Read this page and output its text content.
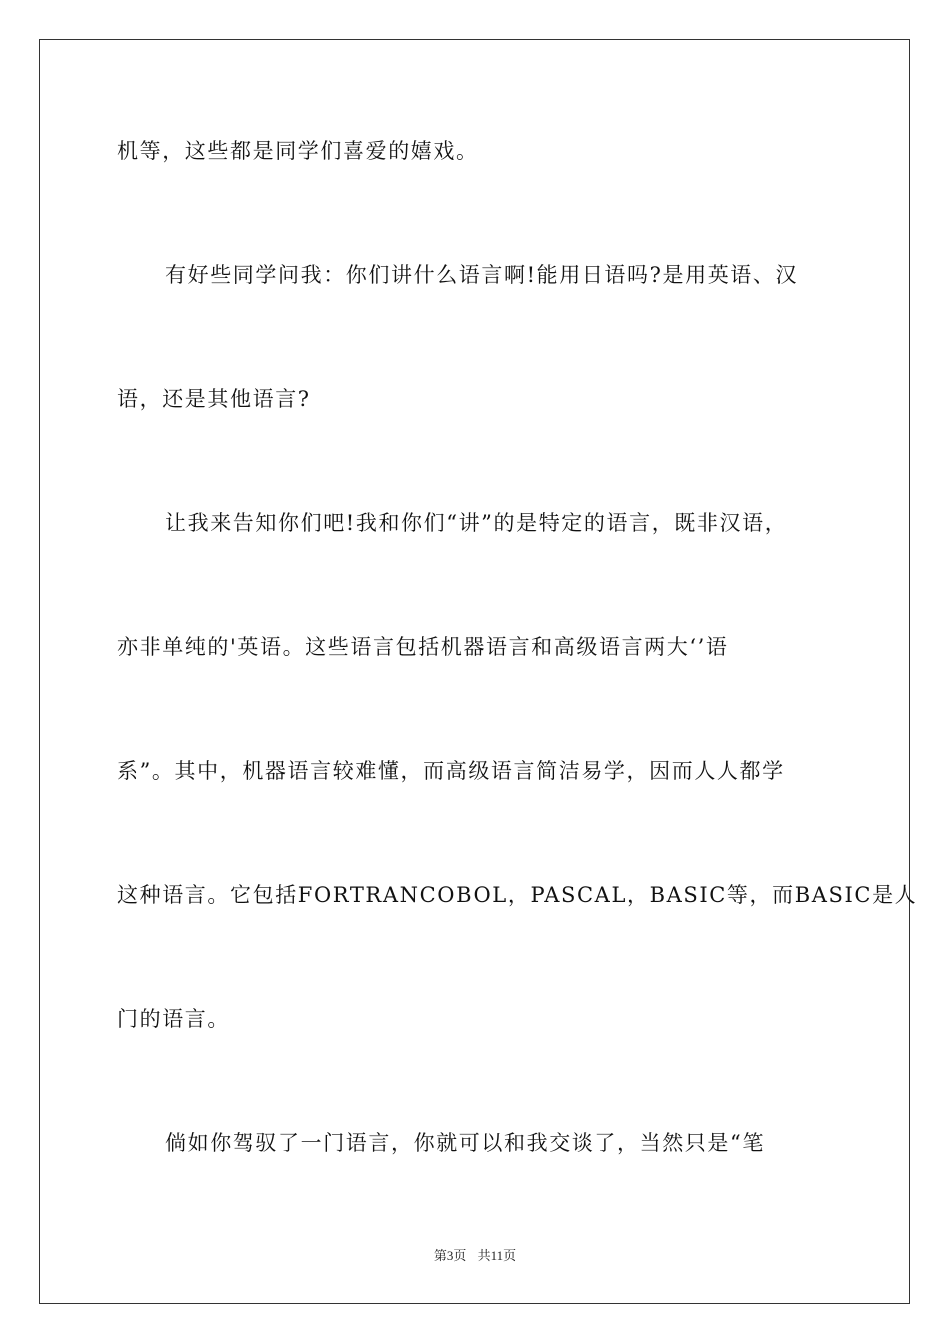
机等，这些都是同学们喜爱的嬉戏。
有好些同学问我：你们讲什么语言啊!能用日语吗?是用英语、汉
语，还是其他语言?
让我来告知你们吧!我和你们“讲”的是特定的语言，既非汉语，
亦非单纯的'英语。这些语言包括机器语言和高级语言两大‘’语
系”。其中，机器语言较难懂，而高级语言简洁易学，因而人人都学
这种语言。它包括FORTRANCOBOL，PASCAL，BASIC等，而BASIC是人
门的语言。
倘如你驾驭了一门语言，你就可以和我交谈了，当然只是“笔
第3页 共11页
